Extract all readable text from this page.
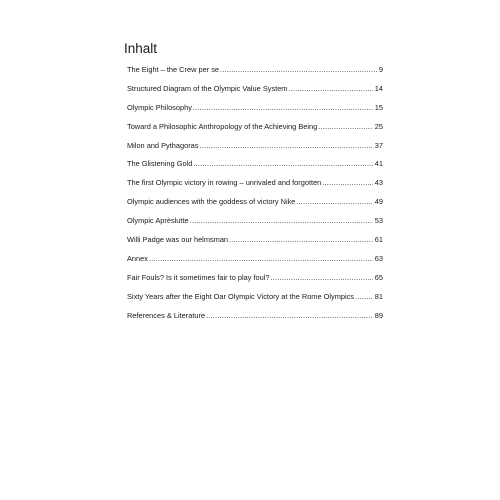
Inhalt
The Eight – the Crew per se .....	9
Structured Diagram of the Olympic Value System .....	14
Olympic Philosophy .....	15
Toward a Philosophic Anthropology of the Achieving Being .....	25
Milon and Pythagoras .....	37
The Glistening Gold .....	41
The first Olympic victory in rowing – unrivaled and forgotten .....	43
Olympic audiences with the goddess of victory Nike .....	49
Olympic Aprèslutte .....	53
Willi Padge was our helmsman .....	61
Annex .....	63
Fair Fouls? Is it sometimes fair to play foul? .....	65
Sixty Years after the Eight Oar Olympic Victory at the Rome Olympics .....	81
References & Literature .....	89
